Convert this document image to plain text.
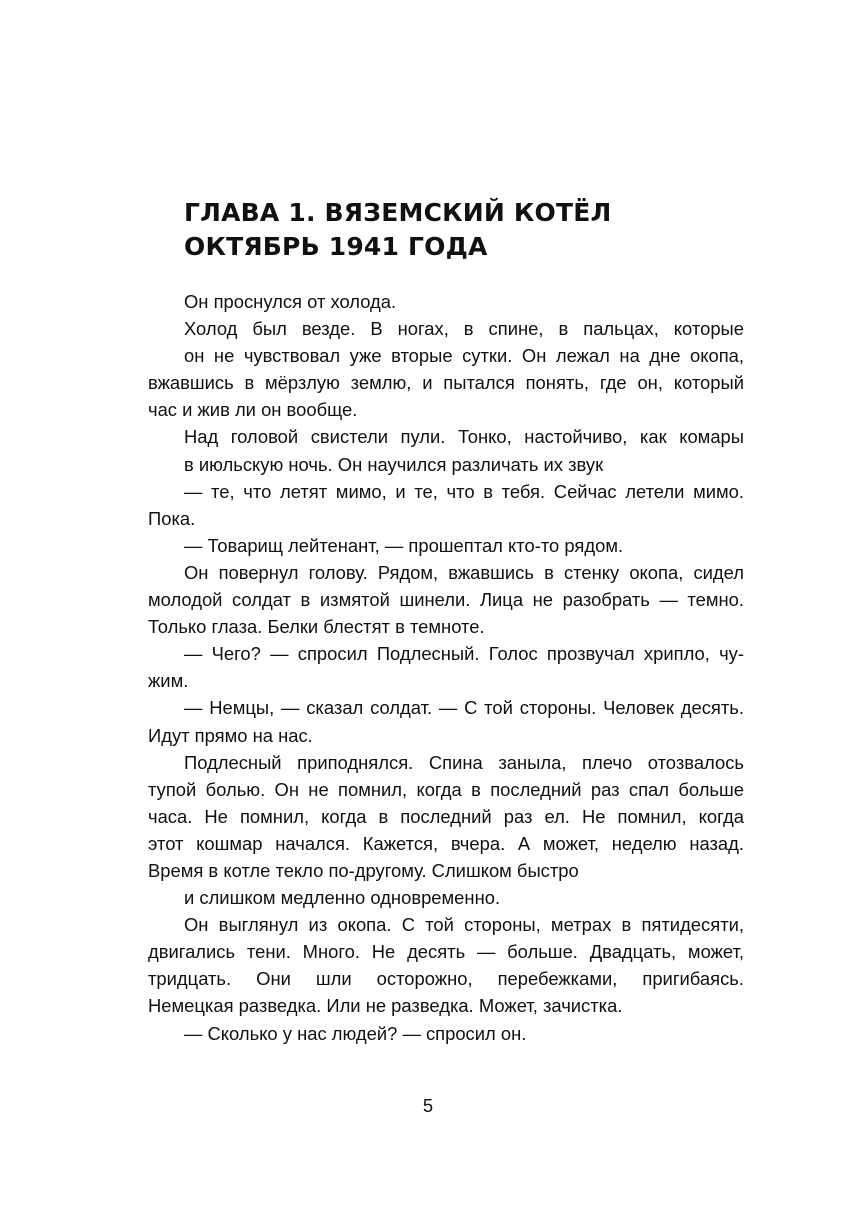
ГЛАВА 1. ВЯЗЕМСКИЙ КОТЁЛ
ОКТЯБРЬ 1941 ГОДА
Он проснулся от холода.
Холод был везде. В ногах, в спине, в пальцах, которые
он не чувствовал уже вторые сутки. Он лежал на дне окопа,
вжавшись в мёрзлую землю, и пытался понять, где он, который
час и жив ли он вообще.
Над головой свистели пули. Тонко, настойчиво, как комары
в июльскую ночь. Он научился различать их звук
— те, что летят мимо, и те, что в тебя. Сейчас летели мимо.
Пока.
— Товарищ лейтенант, — прошептал кто-то рядом.
Он повернул голову. Рядом, вжавшись в стенку окопа, сидел
молодой солдат в измятой шинели. Лица не разобрать — темно.
Только глаза. Белки блестят в темноте.
— Чего? — спросил Подлесный. Голос прозвучал хрипло, чу-
жим.
— Немцы, — сказал солдат. — С той стороны. Человек десять.
Идут прямо на нас.
Подлесный приподнялся. Спина заныла, плечо отозвалось
тупой болью. Он не помнил, когда в последний раз спал больше
часа. Не помнил, когда в последний раз ел. Не помнил, когда
этот кошмар начался. Кажется, вчера. А может, неделю назад.
Время в котле текло по-другому. Слишком быстро
и слишком медленно одновременно.
Он выглянул из окопа. С той стороны, метрах в пятидесяти,
двигались тени. Много. Не десять — больше. Двадцать, может,
тридцать. Они шли осторожно, перебежками, пригибаясь.
Немецкая разведка. Или не разведка. Может, зачистка.
— Сколько у нас людей? — спросил он.
5
